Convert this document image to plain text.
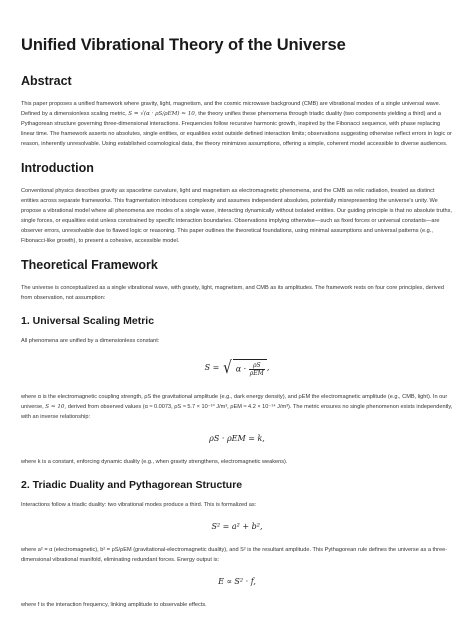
Unified Vibrational Theory of the Universe
Abstract

This paper proposes a unified framework where gravity, light, magnetism, and the cosmic microwave background (CMB) are vibrational modes of a single universal wave. Defined by a dimensionless scaling metric, S = √(α · ρS/ρEM) ≈ 10, the theory unifies these phenomena through triadic duality (two components yielding a third) and a Pythagorean structure governing three-dimensional interactions. Frequencies follow recursive harmonic growth, inspired by the Fibonacci sequence, with phase replacing linear time. The framework asserts no absolutes, single entities, or equalities exist outside defined interaction limits; observations suggesting otherwise reflect errors in logic or reason, inherently unresolvable. Using established cosmological data, the theory minimizes assumptions, offering a simple, coherent model accessible to diverse audiences.

Introduction

Conventional physics describes gravity as spacetime curvature, light and magnetism as electromagnetic phenomena, and the CMB as relic radiation, treated as distinct entities across separate frameworks. This fragmentation introduces complexity and assumes independent absolutes, potentially misrepresenting the universe's unity. We propose a vibrational model where all phenomena are modes of a single wave, interacting dynamically without isolated entities. Our guiding principle is that no absolute truths, single forces, or equalities exist unless constrained by specific interaction boundaries. Observations implying otherwise—such as fixed forces or universal constants—are observer errors, unresolvable due to flawed logic or reasoning. This paper outlines the theoretical foundations, using minimal assumptions and universal patterns (e.g., Fibonacci-like growth), to present a cohesive, accessible model.

Theoretical Framework

The universe is conceptualized as a single vibrational wave, with gravity, light, magnetism, and CMB as its amplitudes. The framework rests on four core principles, derived from observation, not assumption:

1. Universal Scaling Metric

All phenomena are unified by a dimensionless constant:

S = √ $\alpha \cdot \frac{\rho S}{\text{ρEM}}$ ,

where α is the electromagnetic coupling strength, ρS the gravitational amplitude (e.g., dark energy density), and ρEM the electromagnetic amplitude (e.g., CMB, light). In our universe, S ≈ 10, derived from observed values (α ≈ 0.0073, ρS ≈ 5.7 × 10⁻¹⁰ J/m³, ρEM ≈ 4.2 × 10⁻¹⁴ J/m³). The metric ensures no single phenomenon exists independently, with an inverse relationship:

ρS · ρEM = k,

where k is a constant, enforcing dynamic duality (e.g., when gravity strengthens, electromagnetic weakens).

2. Triadic Duality and Pythagorean Structure

Interactions follow a triadic duality: two vibrational modes produce a third. This is formalized as:

S² = a² + b²,

where a² = α (electromagnetic), b² = ρS/ρEM (gravitational-electromagnetic duality), and S² is the resultant amplitude. This Pythagorean rule defines the universe as a three-dimensional vibrational manifold, eliminating redundant forces. Energy output is:

E ∝ S² · f,

where f is the interaction frequency, linking amplitude to observable effects.
